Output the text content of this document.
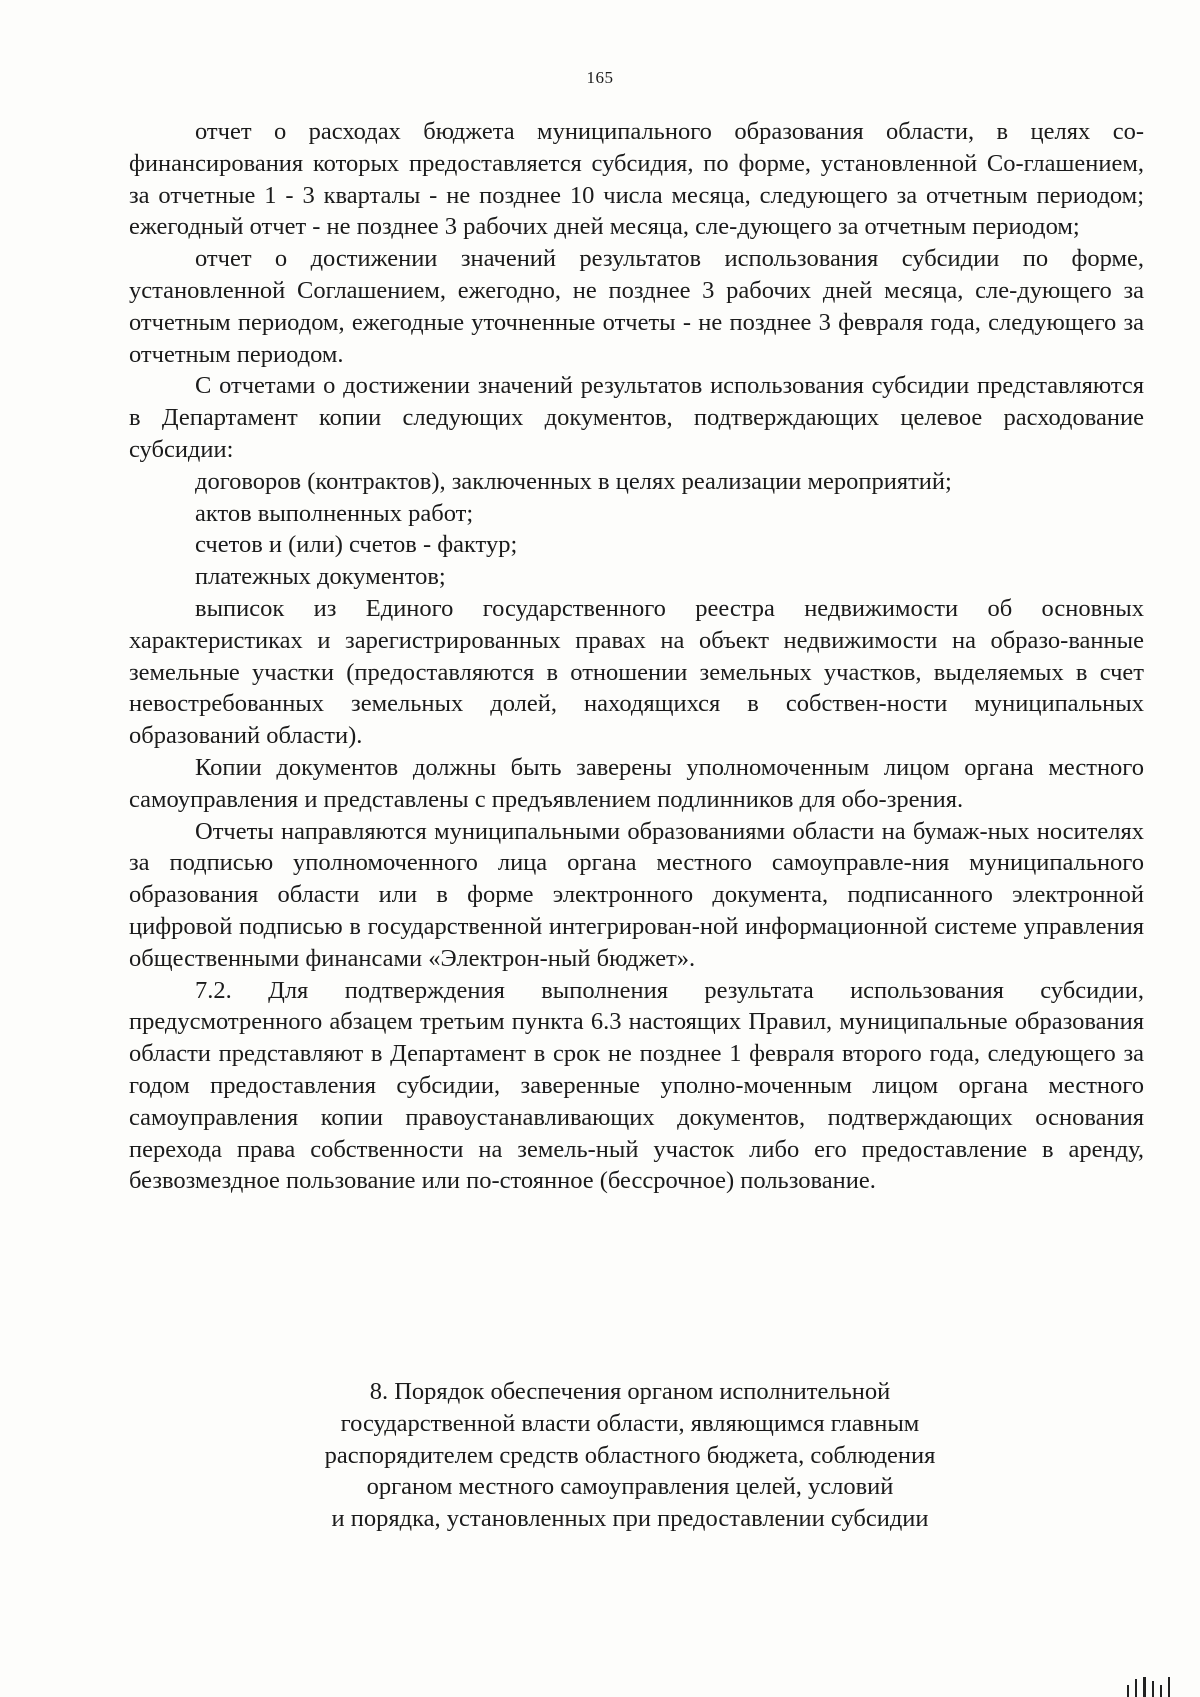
165

отчет о расходах бюджета муниципального образования области, в целях со-финансирования которых предоставляется субсидия, по форме, установленной Со-глашением, за отчетные 1 - 3 кварталы - не позднее 10 числа месяца, следующего за отчетным периодом; ежегодный отчет - не позднее 3 рабочих дней месяца, сле-дующего за отчетным периодом;

отчет о достижении значений результатов использования субсидии по форме, установленной Соглашением, ежегодно, не позднее 3 рабочих дней месяца, сле-дующего за отчетным периодом, ежегодные уточненные отчеты - не позднее 3 февраля года, следующего за отчетным периодом.

С отчетами о достижении значений результатов использования субсидии представляются в Департамент копии следующих документов, подтверждающих целевое расходование субсидии:

договоров (контрактов), заключенных в целях реализации мероприятий;

актов выполненных работ;

счетов и (или) счетов - фактур;

платежных документов;

выписок из Единого государственного реестра недвижимости об основных характеристиках и зарегистрированных правах на объект недвижимости на образо-ванные земельные участки (предоставляются в отношении земельных участков, выделяемых в счет невостребованных земельных долей, находящихся в собствен-ности муниципальных образований области).

Копии документов должны быть заверены уполномоченным лицом органа местного самоуправления и представлены с предъявлением подлинников для обо-зрения.

Отчеты направляются муниципальными образованиями области на бумаж-ных носителях за подписью уполномоченного лица органа местного самоуправле-ния муниципального образования области или в форме электронного документа, подписанного электронной цифровой подписью в государственной интегрирован-ной информационной системе управления общественными финансами «Электрон-ный бюджет».

7.2. Для подтверждения выполнения результата использования субсидии, предусмотренного абзацем третьим пункта 6.3 настоящих Правил, муниципальные образования области представляют в Департамент в срок не позднее 1 февраля второго года, следующего за годом предоставления субсидии, заверенные уполно-моченным лицом органа местного самоуправления копии правоустанавливающих документов, подтверждающих основания перехода права собственности на земель-ный участок либо его предоставление в аренду, безвозмездное пользование или по-стоянное (бессрочное) пользование.

8. Порядок обеспечения органом исполнительной
государственной власти области, являющимся главным
распорядителем средств областного бюджета, соблюдения
органом местного самоуправления целей, условий
и порядка, установленных при предоставлении субсидии
